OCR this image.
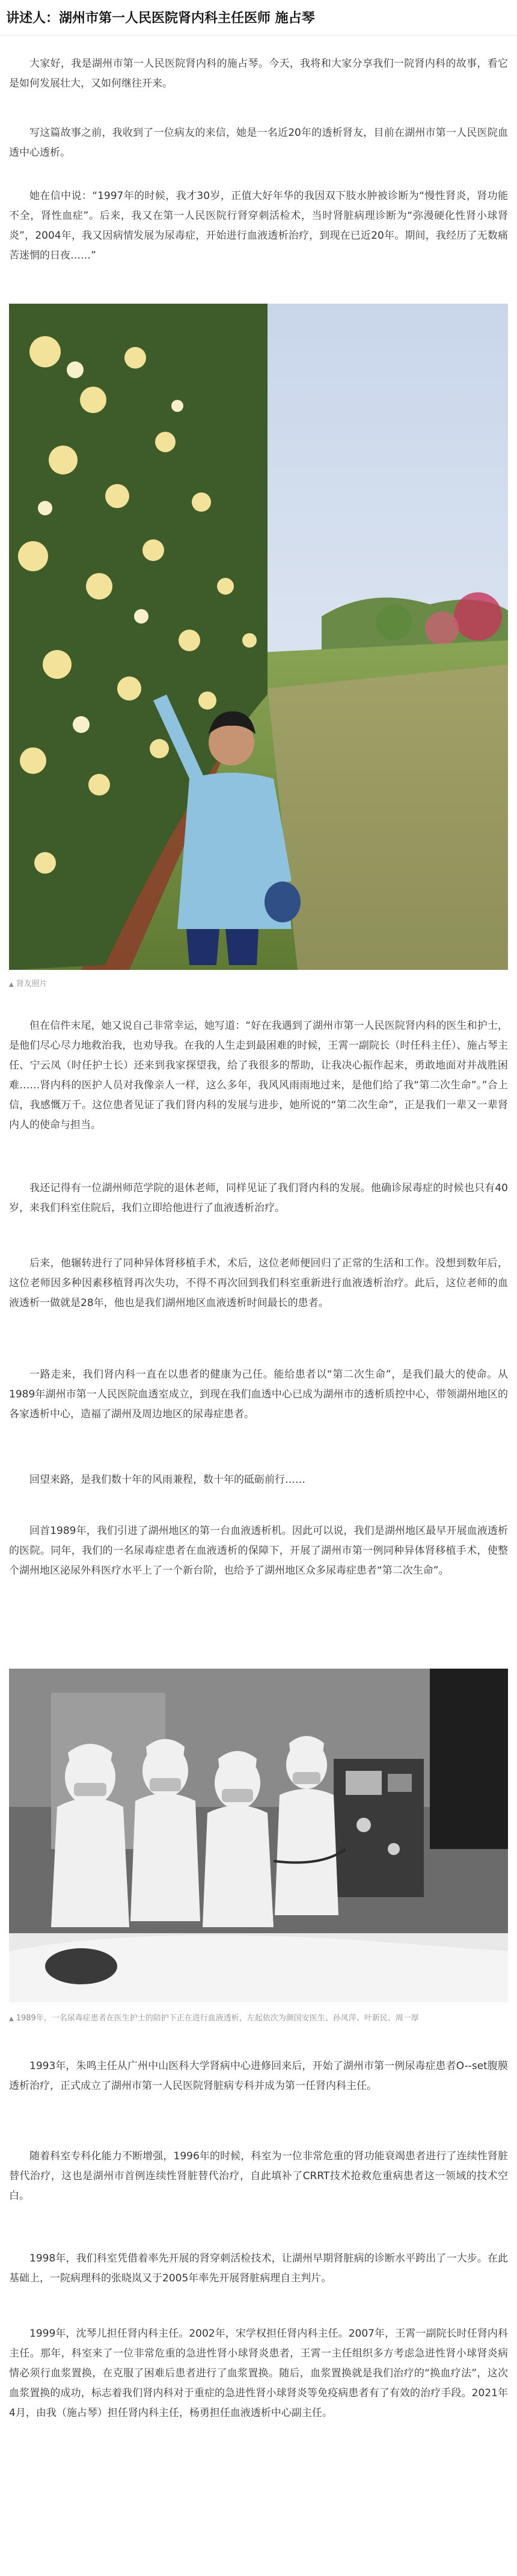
讲述人：湖州市第一人民医院肾内科主任医师 施占琴
大家好，我是湖州市第一人民医院肾内科的施占琴。今天，我将和大家分享我们一院肾内科的故事，看它是如何发展壮大，又如何继往开来。
写这篇故事之前，我收到了一位病友的来信，她是一名近20年的透析肾友，目前在湖州市第一人民医院血透中心透析。
她在信中说：“1997年的时候，我才30岁，正值大好年华的我因双下肢水肿被诊断为“慢性肾炎，肾功能不全，肾性血症”。后来，我又在第一人民医院行肾穿刺活检术，当时肾脏病理诊断为“弥漫硬化性肾小球肾炎”，2004年，我又因病情发展为尿毒症，开始进行血液透析治疗，到现在已近20年。期间，我经历了无数痛苦迷惘的日夜……”
▲ 肾友照片
但在信件末尾，她又说自己非常幸运，她写道：“好在我遇到了湖州市第一人民医院肾内科的医生和护士，是他们尽心尽力地救治我，也劝导我。在我的人生走到最困难的时候，王霄一副院长（时任科主任）、施占琴主任、宁云凤（时任护士长）还来到我家探望我，给了我很多的帮助，让我决心振作起来，勇敢地面对并战胜困难……肾内科的医护人员对我像亲人一样，这么多年，我风风雨雨地过来，是他们给了我“第二次生命”。”合上信，我感慨万千。这位患者见证了我们肾内科的发展与进步，她所说的“第二次生命”，正是我们一辈又一辈肾内人的使命与担当。
我还记得有一位湖州师范学院的退休老师，同样见证了我们肾内科的发展。他确诊尿毒症的时候也只有40岁，来我们科室住院后，我们立即给他进行了血液透析治疗。
后来，他辗转进行了同种异体肾移植手术，术后，这位老师便回归了正常的生活和工作。没想到数年后，这位老师因多种因素移植肾再次失功，不得不再次回到我们科室重新进行血液透析治疗。此后，这位老师的血液透析一做就是28年，他也是我们湖州地区血液透析时间最长的患者。
一路走来，我们肾内科一直在以患者的健康为己任。能给患者以“第二次生命”，是我们最大的使命。从1989年湖州市第一人民医院血透室成立，到现在我们血透中心已成为湖州市的透析质控中心，带领湖州地区的各家透析中心，造福了湖州及周边地区的尿毒症患者。
回望来路，是我们数十年的风雨兼程，数十年的砥砺前行……
回首1989年，我们引进了湖州地区的第一台血液透析机。因此可以说，我们是湖州地区最早开展血液透析的医院。同年，我们的一名尿毒症患者在血液透析的保障下，开展了湖州市第一例同种异体肾移植手术，使整个湖州地区泌尿外科医疗水平上了一个新台阶，也给予了湖州地区众多尿毒症患者“第二次生命”。
▲ 1989年，一名尿毒症患者在医生护士的陪护下正在进行血液透析，左起依次为颜国安医生、孙凤萍、叶新民、周一厚
1993年，朱鸣主任从广州中山医科大学肾病中心进修回来后，开始了湖州市第一例尿毒症患者O--set腹膜透析治疗，正式成立了湖州市第一人民医院肾脏病专科并成为第一任肾内科主任。
随着科室专科化能力不断增强，1996年的时候，科室为一位非常危重的肾功能衰竭患者进行了连续性肾脏替代治疗，这也是湖州市首例连续性肾脏替代治疗，自此填补了CRRT技术抢救危重病患者这一领域的技术空白。
1998年，我们科室凭借着率先开展的肾穿刺活检技术，让湖州早期肾脏病的诊断水平跨出了一大步。在此基础上，一院病理科的张晓岚又于2005年率先开展肾脏病理自主判片。
1999年，沈琴儿担任肾内科主任。2002年，宋学权担任肾内科主任。2007年，王霄一副院长时任肾内科主任。那年，科室来了一位非常危重的急进性肾小球肾炎患者，王霄一主任组织多方考虑急进性肾小球肾炎病情必须行血浆置换，在克服了困难后患者进行了血浆置换。随后，血浆置换就是我们治疗的“换血疗法”，这次血浆置换的成功，标志着我们肾内科对于重症的急进性肾小球肾炎等免疫病患者有了有效的治疗手段。2021年4月，由我（施占琴）担任肾内科主任，杨勇担任血液透析中心副主任。
